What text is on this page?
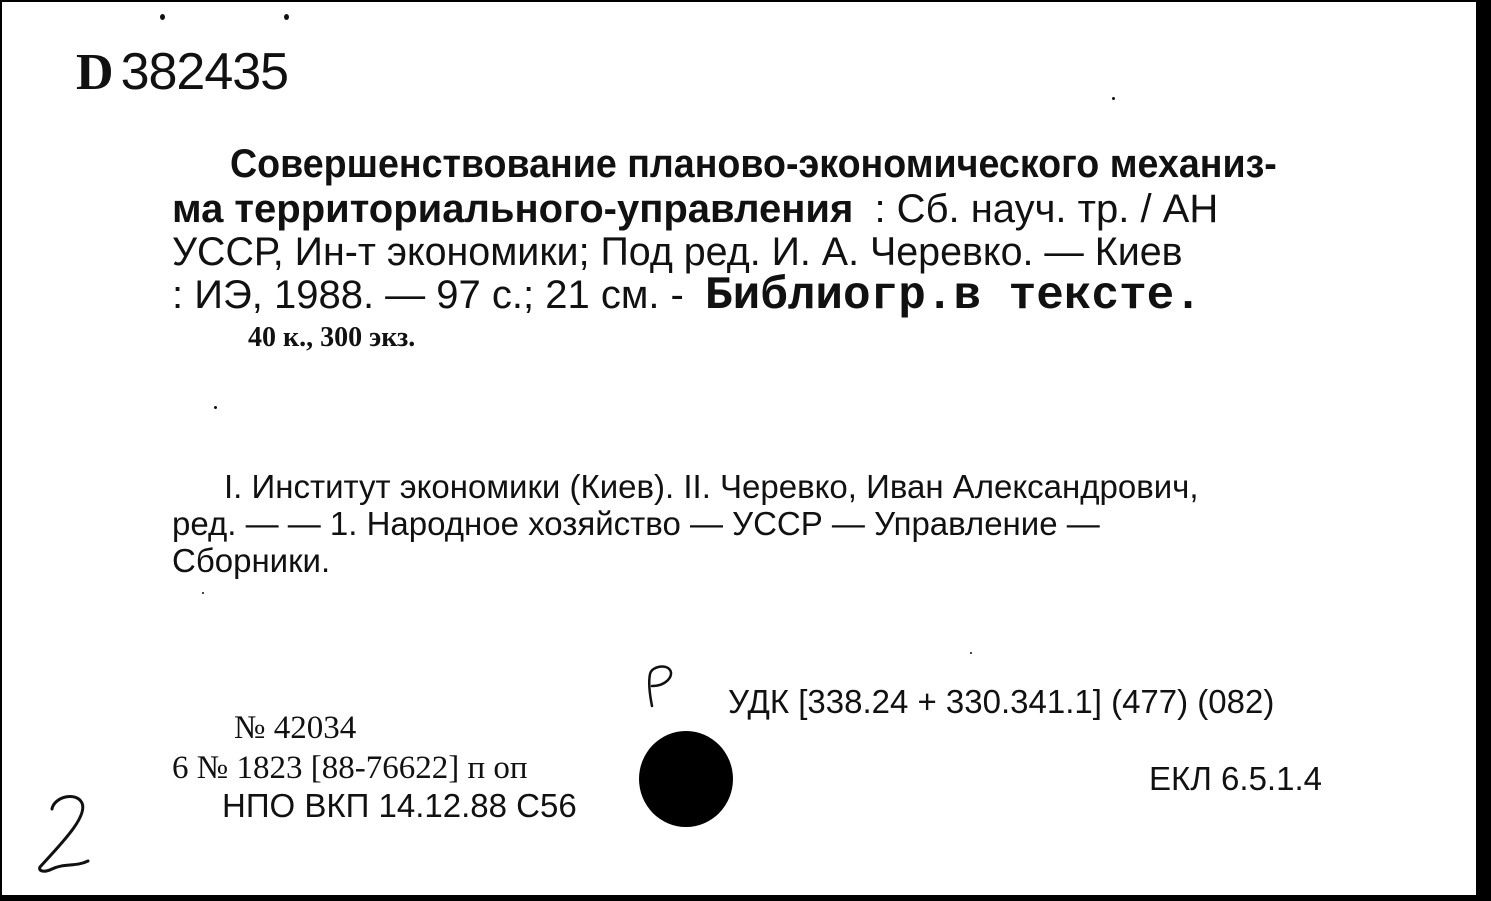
D 382435
Совершенствование планово-экономического механиз-
ма территориального-управления : Сб. науч. тр. / АН
УССР, Ин-т экономики; Под ред. И. А. Черевко. — Киев
: ИЭ, 1988. — 97 с.; 21 см. - Библиогр.в тексте.
40 к., 300 экз.
I. Институт экономики (Киев). II. Черевко, Иван Александрович,
ред. — — 1. Народное хозяйство — УССР — Управление —
Сборники.
УДК [338.24 + 330.341.1] (477) (082)
ЕКЛ 6.5.1.4
№ 42034
6 № 1823 [88-76622] п оп
НПО ВКП 14.12.88 С56
